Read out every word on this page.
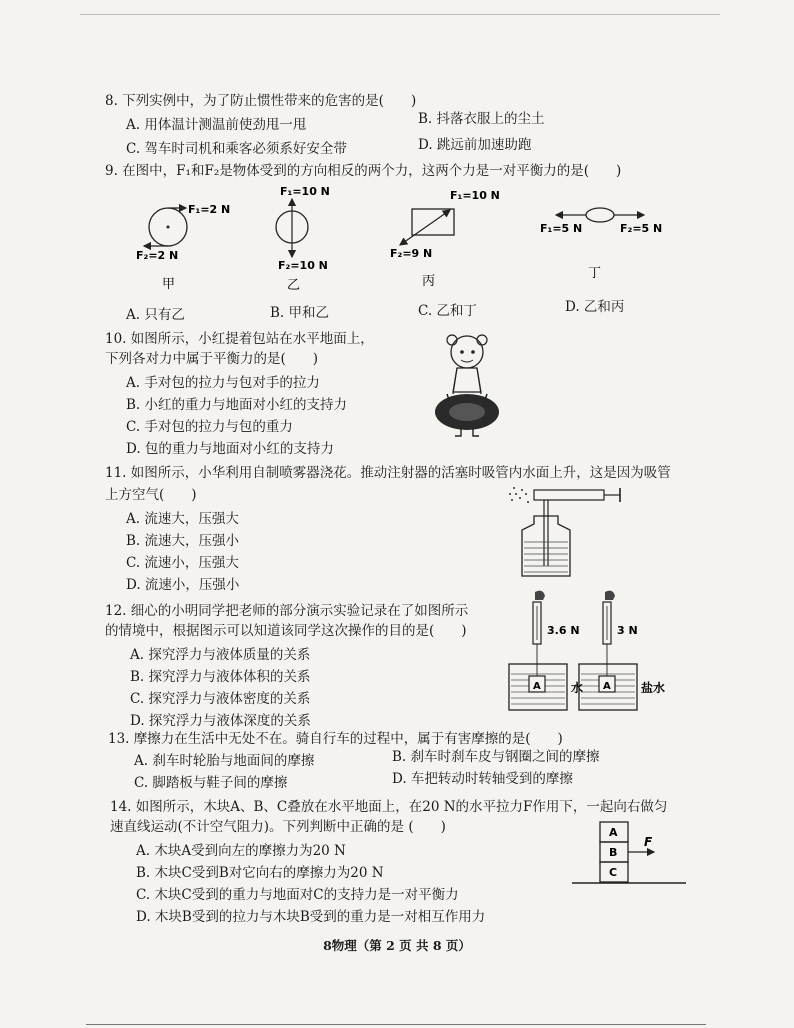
8. 下列实例中，为了防止惯性带来的危害的是(　　)
A. 用体温计测温前使劲甩一甩	B. 抖落衣服上的尘土
C. 驾车时司机和乘客必须系好安全带	D. 跳远前加速助跑
9. 在图中，F₁和F₂是物体受到的方向相反的两个力，这两个力是一对平衡力的是(　　)
F₁=2 N
F₂=2 N
F₁=10 N
F₂=10 N
F₁=10 N
F₂=9 N
F₁=5 N	F₂=5 N
甲	乙	丙
丁
A. 只有乙	B. 甲和乙	C. 乙和丁	D. 乙和丙
10. 如图所示，小红提着包站在水平地面上，
下列各对力中属于平衡力的是(　　)
A. 手对包的拉力与包对手的拉力
B. 小红的重力与地面对小红的支持力
C. 手对包的拉力与包的重力
D. 包的重力与地面对小红的支持力
11. 如图所示，小华利用自制喷雾器浇花。推动注射器的活塞时吸管内水面上升，这是因为吸管
上方空气(　　)
A. 流速大，压强大
B. 流速大，压强小
C. 流速小，压强大
D. 流速小，压强小
12. 细心的小明同学把老师的部分演示实验记录在了如图所示
的情境中，根据图示可以知道该同学这次操作的目的是(　　)
A. 探究浮力与液体质量的关系
B. 探究浮力与液体体积的关系
C. 探究浮力与液体密度的关系
D. 探究浮力与液体深度的关系
3.6 N
A	水
3 N
A	盐水
13. 摩擦力在生活中无处不在。骑自行车的过程中，属于有害摩擦的是(　　)
A. 刹车时轮胎与地面间的摩擦	B. 刹车时刹车皮与钢圈之间的摩擦
C. 脚踏板与鞋子间的摩擦	D. 车把转动时转轴受到的摩擦
14. 如图所示，木块A、B、C叠放在水平地面上，在20 N的水平拉力F作用下，一起向右做匀
速直线运动(不计空气阻力)。下列判断中正确的是 (　　)
A. 木块A受到向左的摩擦力为20 N
B. 木块C受到B对它向右的摩擦力为20 N
C. 木块C受到的重力与地面对C的支持力是一对平衡力
D. 木块B受到的拉力与木块B受到的重力是一对相互作用力
A
B
C
F
8物理（第 2 页 共 8 页）
